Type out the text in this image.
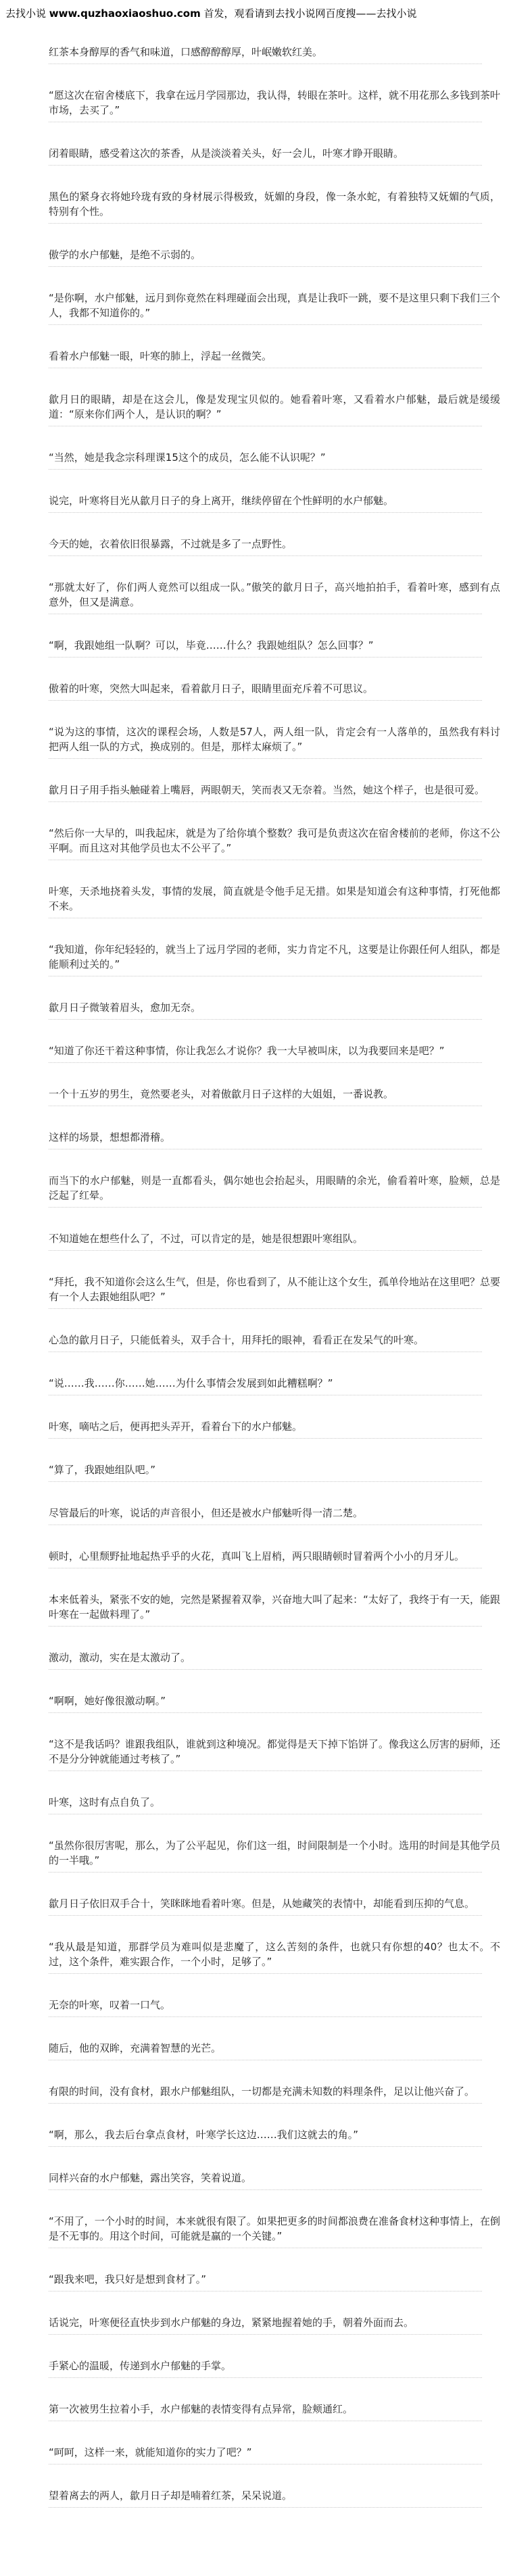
去找小说 www.quzhaoxiaoshuo.com 首发，观看请到去找小说网百度搜——去找小说

红茶本身醇厚的香气和味道，口感醇醇醇厚，叶岷嫩软红美。

“愿这次在宿舍楼底下，我拿在远月学园那边，我认得，转眼在茶叶。这样，就不用花那么多钱到茶叶市场，去买了。”

闭着眼睛，感受着这次的茶香，从是淡淡着关头，好一会儿，叶寒才睁开眼睛。

黑色的紧身衣将她玲珑有致的身材展示得极致，妩媚的身段，像一条水蛇，有着独特又妩媚的气质，特别有个性。

傲学的水户郁魅，是绝不示弱的。

“是你啊，水户郁魅，远月到你竟然在料理碰面会出现，真是让我吓一跳，要不是这里只剩下我们三个人，我都不知道你的。”

看着水户郁魅一眼，叶寒的肺上，浮起一丝微笑。

歙月日的眼睛，却是在这会儿，像是发现宝贝似的。她看着叶寒，又看着水户郁魅，最后就是缓缓道：“原来你们两个人，是认识的啊？”

“当然，她是我念宗科理课15这个的成员，怎么能不认识呢？”

说完，叶寒将目光从歙月日子的身上离开，继续停留在个性鲜明的水户郁魅。

今天的她，衣着依旧很暴露，不过就是多了一点野性。

“那就太好了，你们两人竟然可以组成一队。”傲笑的歙月日子，高兴地拍拍手，看着叶寒，感到有点意外，但又是满意。

“啊，我跟她组一队啊？可以，毕竟……什么？我跟她组队？怎么回事？”

傲着的叶寒，突然大叫起来，看着歙月日子，眼睛里面充斥着不可思议。

“说为这的事情，这次的课程会场，人数是57人，两人组一队，肯定会有一人落单的，虽然我有料讨把两人组一队的方式，换成别的。但是，那样太麻烦了。”

歙月日子用手指头触碰着上嘴唇，两眼朝天，笑而表又无奈着。当然，她这个样子，也是很可爱。

“然后你一大早的，叫我起床，就是为了给你填个整数？我可是负责这次在宿舍楼前的老师，你这不公平啊。而且这对其他学员也太不公平了。”

叶寒，天杀地挠着头发，事情的发展，简直就是令他手足无措。如果是知道会有这种事情，打死他都不来。

“我知道，你年纪轻轻的，就当上了远月学园的老师，实力肯定不凡，这要是让你跟任何人组队，都是能顺利过关的。”

歙月日子微皱着眉头，愈加无奈。

“知道了你还干着这种事情，你让我怎么才说你？我一大早被叫床，以为我要回来是吧？”

一个十五岁的男生，竟然要老头，对着傲歙月日子这样的大姐姐，一番说教。

这样的场景，想想都滑稽。

而当下的水户郁魅，则是一直都看头，偶尔她也会抬起头，用眼睛的余光，偷看着叶寒，脸颊，总是泛起了红晕。

不知道她在想些什么了，不过，可以肯定的是，她是很想跟叶寒组队。

“拜托，我不知道你会这么生气，但是，你也看到了，从不能让这个女生，孤单伶地站在这里吧？总要有一个人去跟她组队吧？”

心急的歙月日子，只能低着头，双手合十，用拜托的眼神，看看正在发呆气的叶寒。

“说……我……你……她……为什么事情会发展到如此糟糕啊？”

叶寒，嘀咕之后，便再把头弄开，看着台下的水户郁魅。

“算了，我跟她组队吧。”

尽管最后的叶寒，说话的声音很小，但还是被水户郁魅听得一清二楚。

顿时，心里颓野扯地起热乎乎的火花，真叫飞上眉梢，两只眼睛顿时冒着两个小小的月牙儿。

本来低着头，紧张不安的她，完然是紧握着双拳，兴奋地大叫了起来：“太好了，我终于有一天，能跟叶寒在一起做料理了。”

激动，激动，实在是太激动了。

“啊啊，她好像很激动啊。”

“这不是我话吗？谁跟我组队，谁就到这种境况。都觉得是天下掉下馅饼了。像我这么厉害的厨师，还不是分分钟就能通过考核了。”

叶寒，这时有点自负了。

“虽然你很厉害呢，那么，为了公平起见，你们这一组，时间限制是一个小时。选用的时间是其他学员的一半哦。”

歙月日子依旧双手合十，笑眯眯地看着叶寒。但是，从她藏笑的表情中，却能看到压抑的气息。

“我从最是知道，那群学员为难叫似是悲魔了，这么苦刻的条件，也就只有你想的40？也太不。不过，这个条件，难实跟合作，一个小时，足够了。”

无奈的叶寒，叹着一口气。

随后，他的双眸，充满着智慧的光芒。

有限的时间，没有食材，跟水户郁魅组队，一切都是充满未知数的料理条件，足以让他兴奋了。

“啊，那么，我去后台拿点食材，叶寒学长这边……我们这就去的角。”

同样兴奋的水户郁魅，露出笑容，笑着说道。

“不用了，一个小时的时间，本来就很有限了。如果把更多的时间都浪费在准备食材这种事情上，在倒是不无事的。用这个时间，可能就是赢的一个关键。”

“跟我来吧，我只好是想到食材了。”

话说完，叶寒便径直快步到水户郁魅的身边，紧紧地握着她的手，朝着外面而去。

手紧心的温暖，传递到水户郁魅的手掌。

第一次被男生拉着小手，水户郁魅的表情变得有点异常，脸颊通红。

“呵呵，这样一来，就能知道你的实力了吧？”

望着离去的两人，歙月日子却是喃着红茶，呆呆说道。
